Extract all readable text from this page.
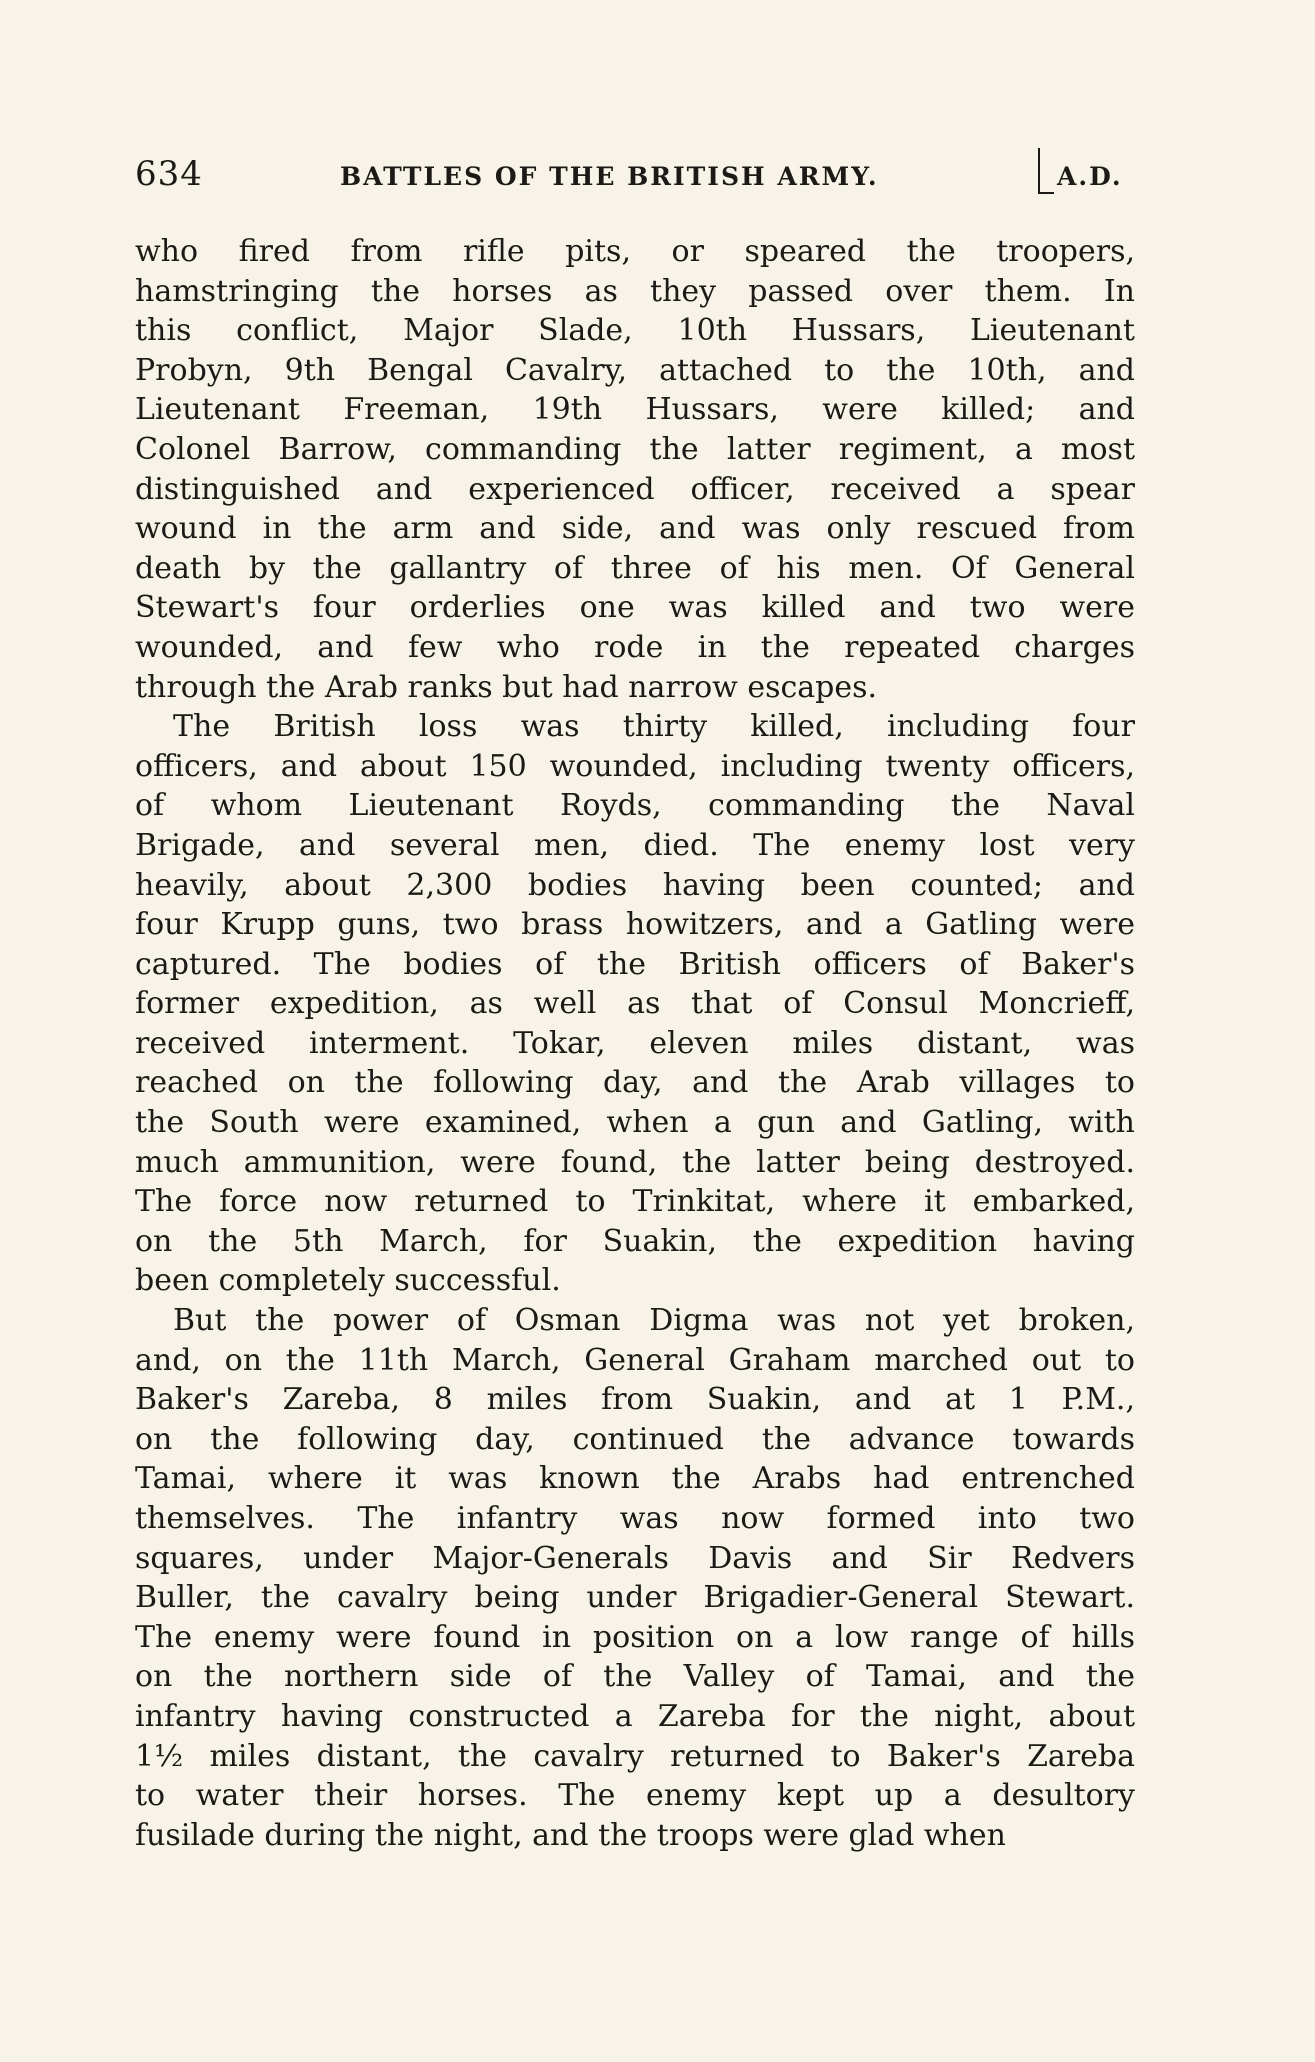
634	BATTLES OF THE BRITISH ARMY.	A.D.
who fired from rifle pits, or speared the troopers,
hamstringing the horses as they passed over them. In
this conflict, Major Slade, 10th Hussars, Lieutenant
Probyn, 9th Bengal Cavalry, attached to the 10th, and
Lieutenant Freeman, 19th Hussars, were killed; and
Colonel Barrow, commanding the latter regiment, a most
distinguished and experienced officer, received a spear
wound in the arm and side, and was only rescued from
death by the gallantry of three of his men. Of General
Stewart's four orderlies one was killed and two were
wounded, and few who rode in the repeated charges
through the Arab ranks but had narrow escapes.
The British loss was thirty killed, including four
officers, and about 150 wounded, including twenty officers,
of whom Lieutenant Royds, commanding the Naval
Brigade, and several men, died. The enemy lost very
heavily, about 2,300 bodies having been counted; and
four Krupp guns, two brass howitzers, and a Gatling were
captured. The bodies of the British officers of Baker's
former expedition, as well as that of Consul Moncrieff,
received interment. Tokar, eleven miles distant, was
reached on the following day, and the Arab villages to
the South were examined, when a gun and Gatling, with
much ammunition, were found, the latter being destroyed.
The force now returned to Trinkitat, where it embarked,
on the 5th March, for Suakin, the expedition having
been completely successful.
But the power of Osman Digma was not yet broken,
and, on the 11th March, General Graham marched out to
Baker's Zareba, 8 miles from Suakin, and at 1 P.M.,
on the following day, continued the advance towards
Tamai, where it was known the Arabs had entrenched
themselves. The infantry was now formed into two
squares, under Major-Generals Davis and Sir Redvers
Buller, the cavalry being under Brigadier-General Stewart.
The enemy were found in position on a low range of hills
on the northern side of the Valley of Tamai, and the
infantry having constructed a Zareba for the night, about
1½ miles distant, the cavalry returned to Baker's Zareba
to water their horses. The enemy kept up a desultory
fusilade during the night, and the troops were glad when
